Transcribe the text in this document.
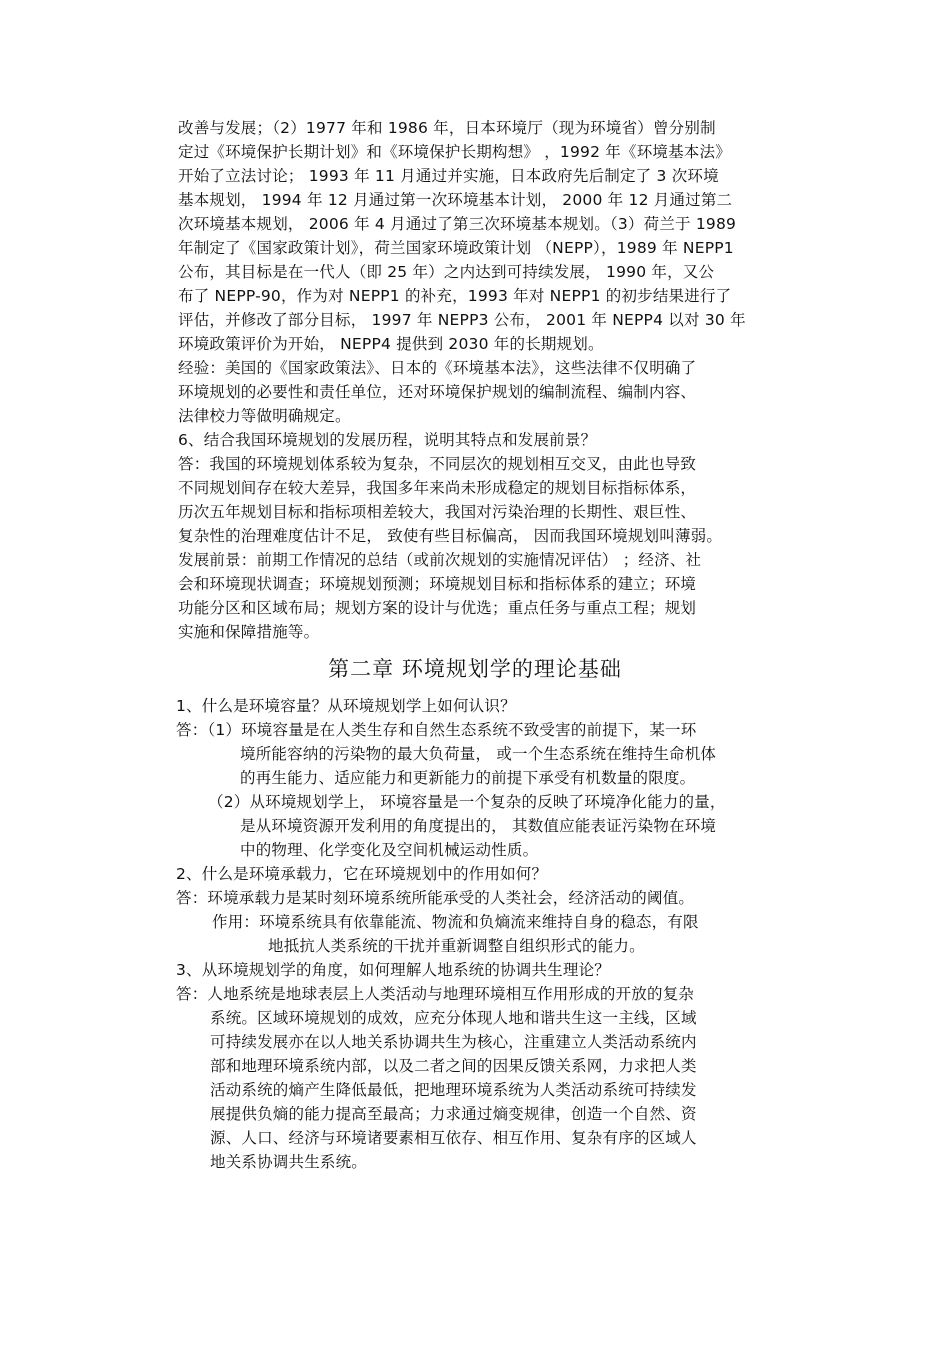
改善与发展；（2）1977 年和 1986 年，日本环境厅（现为环境省）曾分别制
定过《环境保护长期计划》和《环境保护长期构想》 ，1992 年《环境基本法》
开始了立法讨论； 1993 年 11 月通过并实施，日本政府先后制定了 3 次环境
基本规划， 1994 年 12 月通过第一次环境基本计划， 2000 年 12 月通过第二
次环境基本规划， 2006 年 4 月通过了第三次环境基本规划。（3）荷兰于 1989
年制定了《国家政策计划》，荷兰国家环境政策计划 （NEPP），1989 年 NEPP1
公布，其目标是在一代人（即 25 年）之内达到可持续发展， 1990 年，又公
布了 NEPP-90，作为对 NEPP1 的补充，1993 年对 NEPP1 的初步结果进行了
评估，并修改了部分目标， 1997 年 NEPP3 公布， 2001 年 NEPP4 以对 30 年
环境政策评价为开始， NEPP4 提供到 2030 年的长期规划。
经验：美国的《国家政策法》、日本的《环境基本法》，这些法律不仅明确了
环境规划的必要性和责任单位，还对环境保护规划的编制流程、编制内容、
法律校力等做明确规定。
6、结合我国环境规划的发展历程，说明其特点和发展前景？
答：我国的环境规划体系较为复杂，不同层次的规划相互交叉，由此也导致
不同规划间存在较大差异，我国多年来尚未形成稳定的规划目标指标体系，
历次五年规划目标和指标项相差较大，我国对污染治理的长期性、艰巨性、
复杂性的治理难度估计不足， 致使有些目标偏高， 因而我国环境规划叫薄弱。
发展前景：前期工作情况的总结（或前次规划的实施情况评估） ；经济、社
会和环境现状调查；环境规划预测；环境规划目标和指标体系的建立；环境
功能分区和区域布局；规划方案的设计与优选；重点任务与重点工程；规划
实施和保障措施等。
第二章 环境规划学的理论基础
1、什么是环境容量？从环境规划学上如何认识？
答：（1）环境容量是在人类生存和自然生态系统不致受害的前提下，某一环
境所能容纳的污染物的最大负荷量， 或一个生态系统在维持生命机体
的再生能力、适应能力和更新能力的前提下承受有机数量的限度。
（2）从环境规划学上， 环境容量是一个复杂的反映了环境净化能力的量，
是从环境资源开发利用的角度提出的， 其数值应能表证污染物在环境
中的物理、化学变化及空间机械运动性质。
2、什么是环境承载力，它在环境规划中的作用如何？
答：环境承载力是某时刻环境系统所能承受的人类社会，经济活动的阈值。
作用：环境系统具有依靠能流、物流和负熵流来维持自身的稳态，有限
地抵抗人类系统的干扰并重新调整自组织形式的能力。
3、从环境规划学的角度，如何理解人地系统的协调共生理论？
答：人地系统是地球表层上人类活动与地理环境相互作用形成的开放的复杂
系统。区域环境规划的成效，应充分体现人地和谐共生这一主线，区域
可持续发展亦在以人地关系协调共生为核心，注重建立人类活动系统内
部和地理环境系统内部，以及二者之间的因果反馈关系网，力求把人类
活动系统的熵产生降低最低，把地理环境系统为人类活动系统可持续发
展提供负熵的能力提高至最高；力求通过熵变规律，创造一个自然、资
源、人口、经济与环境诸要素相互依存、相互作用、复杂有序的区域人
地关系协调共生系统。
